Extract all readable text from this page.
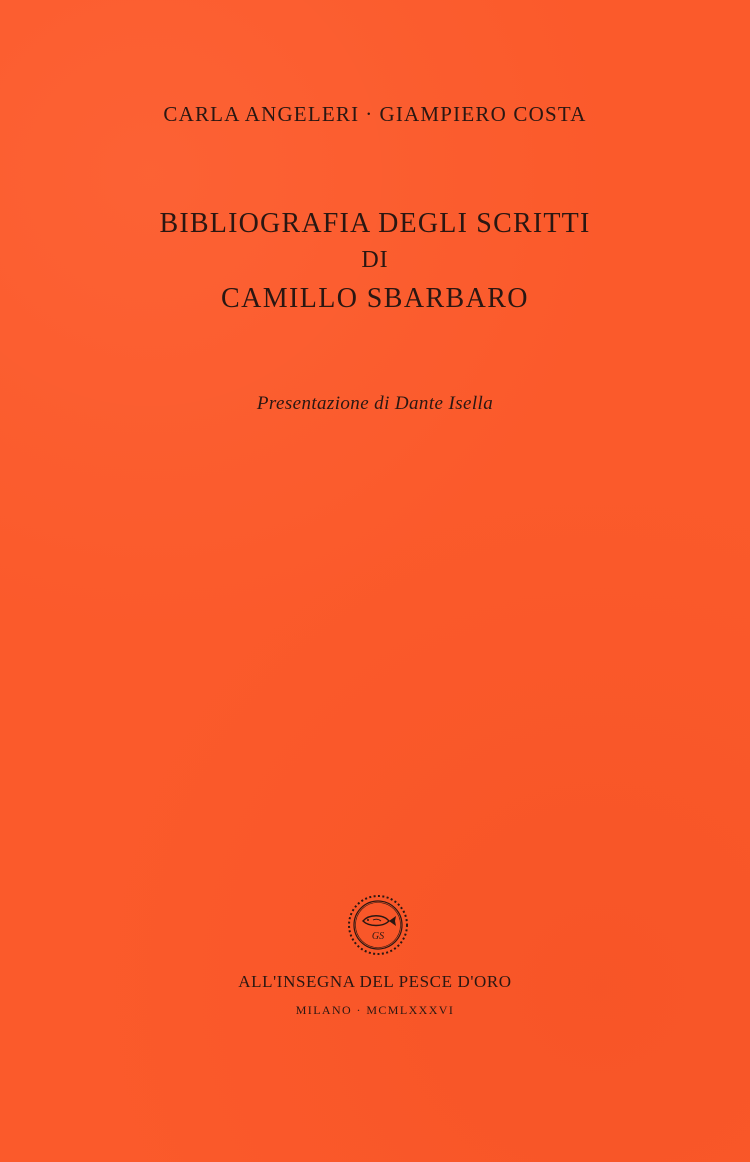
CARLA ANGELERI · GIAMPIERO COSTA
BIBLIOGRAFIA DEGLI SCRITTI
DI
CAMILLO SBARBARO
Presentazione di Dante Isella
GS
ALL'INSEGNA DEL PESCE D'ORO
MILANO · MCMLXXXVI
